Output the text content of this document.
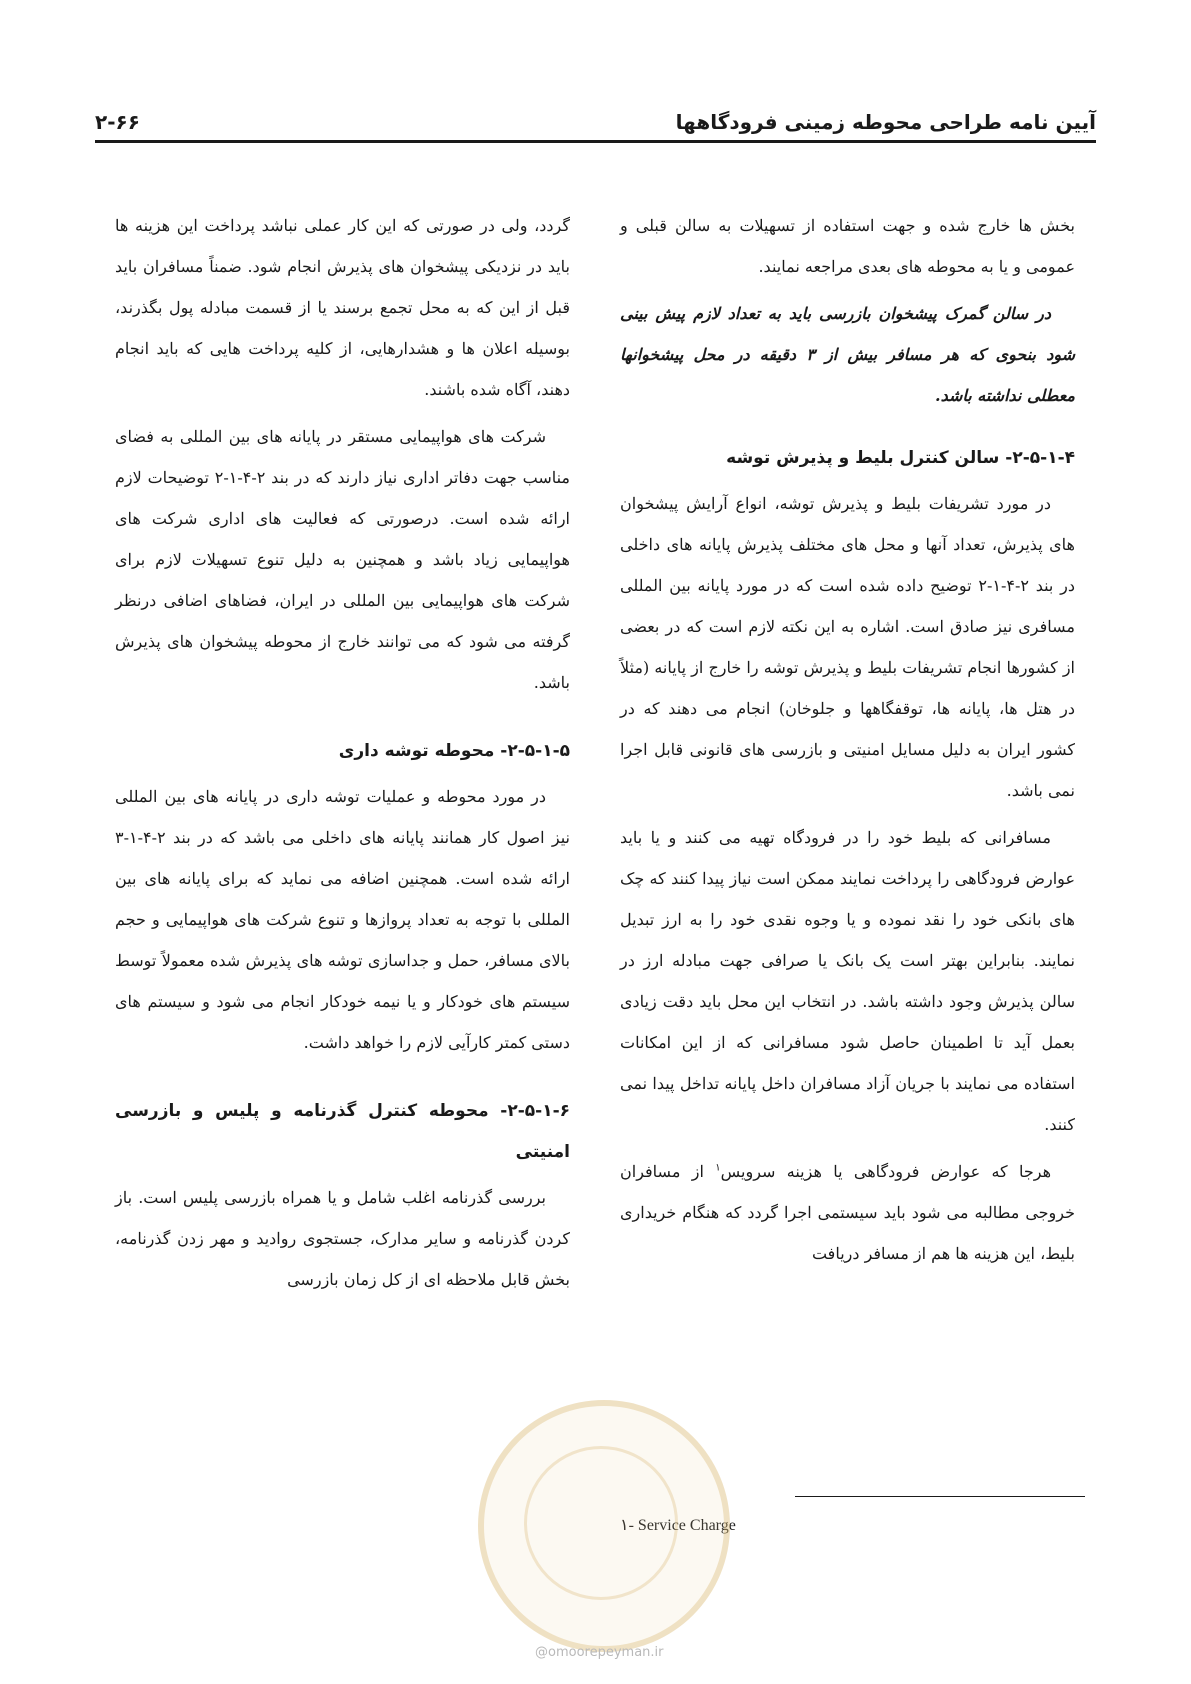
آیین نامه طراحی محوطه زمینی فرودگاهها
۲-۶۶

بخش ها خارج شده و جهت استفاده از تسهیلات به سالن قبلی و عمومی و یا به محوطه های بعدی مراجعه نمایند.

در سالن گمرک پیشخوان بازرسی باید به تعداد لازم پیش بینی شود بنحوی که هر مسافر بیش از ۳ دقیقه در محل پیشخوانها معطلی نداشته باشد.

۲-۵-۱-۴- سالن کنترل بلیط و پذیرش توشه

در مورد تشریفات بلیط و پذیرش توشه، انواع آرایش پیشخوان های پذیرش، تعداد آنها و محل های مختلف پذیرش پایانه های داخلی در بند ۲-۴-۱-۲ توضیح داده شده است که در مورد پایانه بین المللی مسافری نیز صادق است. اشاره به این نکته لازم است که در بعضی از کشورها انجام تشریفات بلیط و پذیرش توشه را خارج از پایانه (مثلاً در هتل ها، پایانه ها، توقفگاهها و جلوخان) انجام می دهند که در کشور ایران به دلیل مسایل امنیتی و بازرسی های قانونی قابل اجرا نمی باشد.

مسافرانی که بلیط خود را در فرودگاه تهیه می کنند و یا باید عوارض فرودگاهی را پرداخت نمایند ممکن است نیاز پیدا کنند که چک های بانکی خود را نقد نموده و یا وجوه نقدی خود را به ارز تبدیل نمایند. بنابراین بهتر است یک بانک یا صرافی جهت مبادله ارز در سالن پذیرش وجود داشته باشد. در انتخاب این محل باید دقت زیادی بعمل آید تا اطمینان حاصل شود مسافرانی که از این امکانات استفاده می نمایند با جریان آزاد مسافران داخل پایانه تداخل پیدا نمی کنند.

هرجا که عوارض فرودگاهی یا هزینه سرویس$^۱$ از مسافران خروجی مطالبه می شود باید سیستمی اجرا گردد که هنگام خریداری بلیط، این هزینه ها هم از مسافر دریافت

گردد، ولی در صورتی که این کار عملی نباشد پرداخت این هزینه ها باید در نزدیکی پیشخوان های پذیرش انجام شود. ضمناً مسافران باید قبل از این که به محل تجمع برسند یا از قسمت مبادله پول بگذرند، بوسیله اعلان ها و هشدارهایی، از کلیه پرداخت هایی که باید انجام دهند، آگاه شده باشند.

شرکت های هواپیمایی مستقر در پایانه های بین المللی به فضای مناسب جهت دفاتر اداری نیاز دارند که در بند ۲-۴-۱-۲ توضیحات لازم ارائه شده است. درصورتی که فعالیت های اداری شرکت های هواپیمایی زیاد باشد و همچنین به دلیل تنوع تسهیلات لازم برای شرکت های هواپیمایی بین المللی در ایران، فضاهای اضافی درنظر گرفته می شود که می توانند خارج از محوطه پیشخوان های پذیرش باشد.

۲-۵-۱-۵- محوطه توشه داری

در مورد محوطه و عملیات توشه داری در پایانه های بین المللی نیز اصول کار همانند پایانه های داخلی می باشد که در بند ۲-۴-۱-۳ ارائه شده است. همچنین اضافه می نماید که برای پایانه های بین المللی با توجه به تعداد پروازها و تنوع شرکت های هواپیمایی و حجم بالای مسافر، حمل و جداسازی توشه های پذیرش شده معمولاً توسط سیستم های خودکار و یا نیمه خودکار انجام می شود و سیستم های دستی کمتر کارآیی لازم را خواهد داشت.

۲-۵-۱-۶- محوطه کنترل گذرنامه و پلیس و بازرسی امنیتی

بررسی گذرنامه اغلب شامل و یا همراه بازرسی پلیس است. باز کردن گذرنامه و سایر مدارک، جستجوی روادید و مهر زدن گذرنامه، بخش قابل ملاحظه ای از کل زمان بازرسی

۱- Service Charge
@omoorepeyman.ir
